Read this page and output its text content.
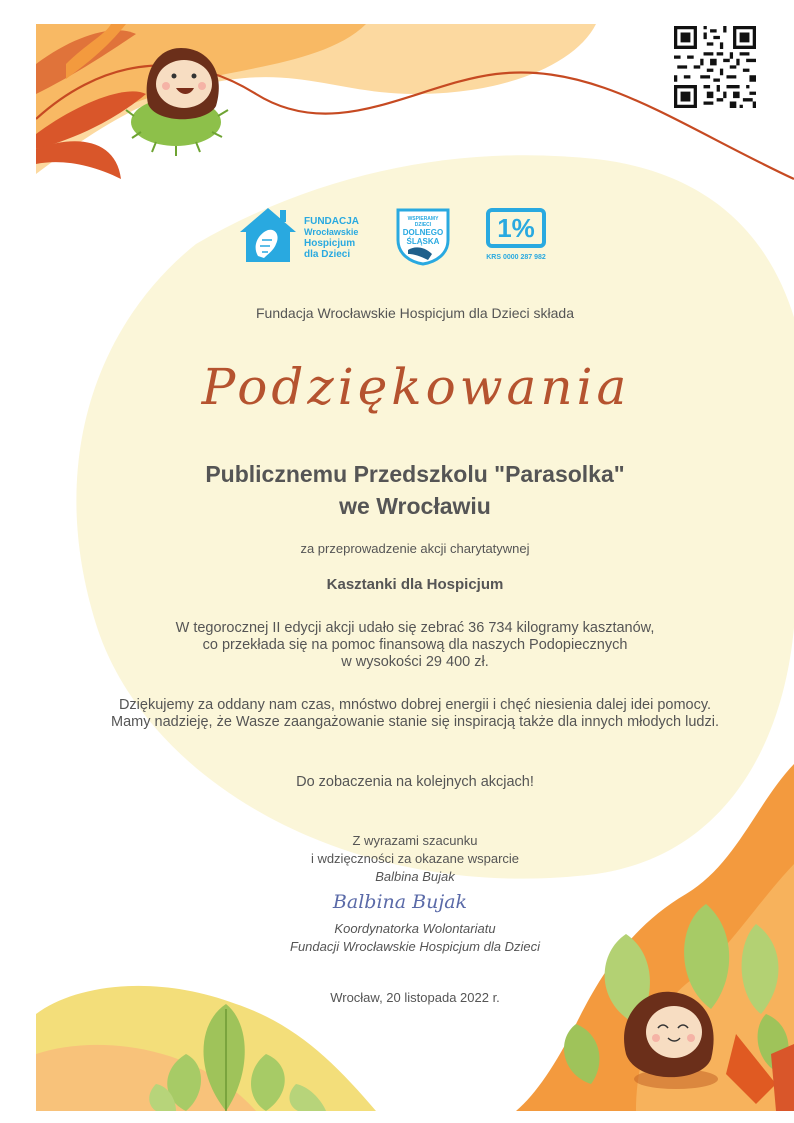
FUNDACJA
Wrocławskie
Hospicjum
dla Dzieci
WSPIERAMY
DZIECI
DOLNEGO
ŚLĄSKA	1%
KRS 0000 287 982
Fundacja Wrocławskie Hospicjum dla Dzieci składa
Podziękowania
Publicznemu Przedszkolu "Parasolka"
we Wrocławiu
za przeprowadzenie akcji charytatywnej
Kasztanki dla Hospicjum
W tegorocznej II edycji akcji udało się zebrać 36 734 kilogramy kasztanów,
co przekłada się na pomoc finansową dla naszych Podopiecznych
w wysokości 29 400 zł.
Dziękujemy za oddany nam czas, mnóstwo dobrej energii i chęć niesienia dalej idei pomocy.
Mamy nadzieję, że Wasze zaangażowanie stanie się inspiracją także dla innych młodych ludzi.
Do zobaczenia na kolejnych akcjach!
Z wyrazami szacunku
i wdzięczności za okazane wsparcie
Balbina Bujak
Balbina Bujak
Koordynatorka Wolontariatu
Fundacji Wrocławskie Hospicjum dla Dzieci
Wrocław, 20 listopada 2022 r.
